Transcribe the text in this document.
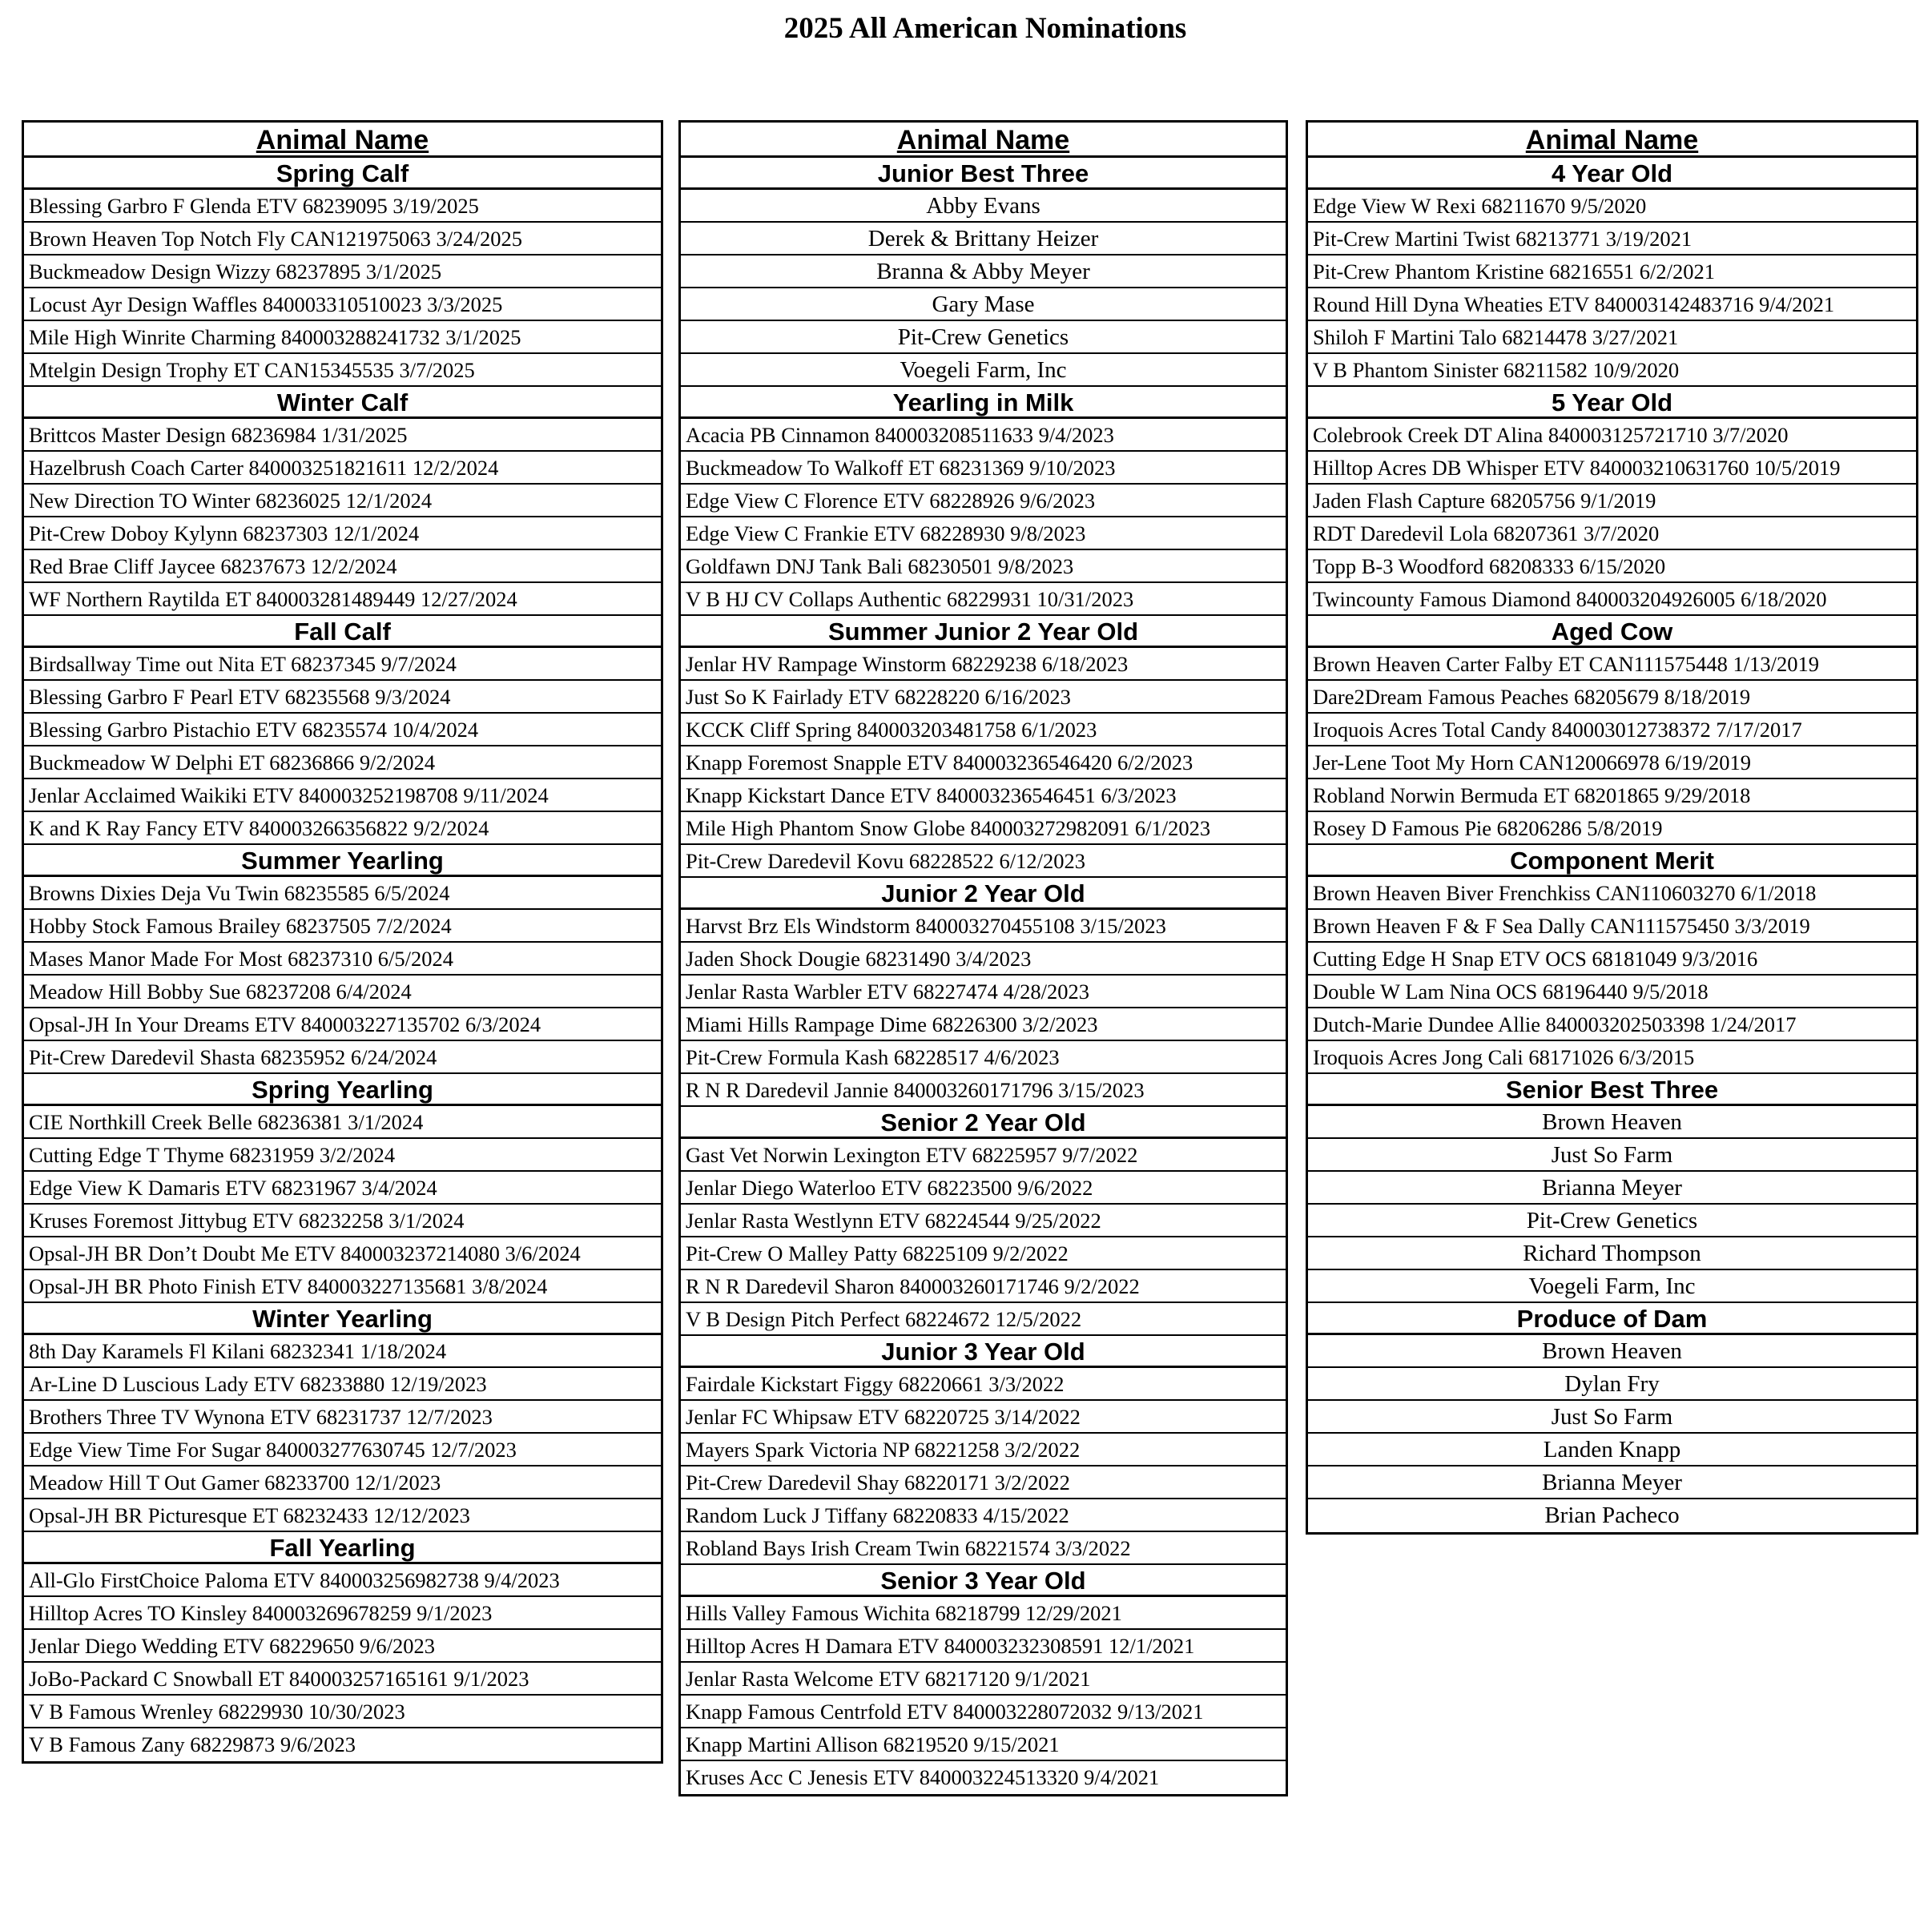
2025 All American Nominations
Animal Name
Spring Calf
Blessing Garbro F Glenda ETV 68239095 3/19/2025
Brown Heaven Top Notch Fly CAN121975063 3/24/2025
Buckmeadow Design Wizzy 68237895 3/1/2025
Locust Ayr Design Waffles 840003310510023 3/3/2025
Mile High Winrite Charming 840003288241732 3/1/2025
Mtelgin Design Trophy ET CAN15345535 3/7/2025
Winter Calf
Brittcos Master Design 68236984 1/31/2025
Hazelbrush Coach Carter 840003251821611 12/2/2024
New Direction TO Winter 68236025 12/1/2024
Pit-Crew Doboy Kylynn 68237303 12/1/2024
Red Brae Cliff Jaycee 68237673 12/2/2024
WF Northern Raytilda ET 840003281489449 12/27/2024
Fall Calf
Birdsallway Time out Nita ET 68237345 9/7/2024
Blessing Garbro F Pearl ETV 68235568 9/3/2024
Blessing Garbro Pistachio ETV 68235574 10/4/2024
Buckmeadow W Delphi ET 68236866 9/2/2024
Jenlar Acclaimed Waikiki ETV 840003252198708 9/11/2024
K and K Ray Fancy ETV 840003266356822 9/2/2024
Summer Yearling
Browns Dixies Deja Vu Twin 68235585 6/5/2024
Hobby Stock Famous Brailey 68237505 7/2/2024
Mases Manor Made For Most 68237310 6/5/2024
Meadow Hill Bobby Sue 68237208 6/4/2024
Opsal-JH In Your Dreams ETV 840003227135702 6/3/2024
Pit-Crew Daredevil Shasta 68235952 6/24/2024
Spring Yearling
CIE Northkill Creek Belle 68236381 3/1/2024
Cutting Edge T Thyme 68231959 3/2/2024
Edge View K Damaris ETV 68231967 3/4/2024
Kruses Foremost Jittybug ETV 68232258 3/1/2024
Opsal-JH BR Don’t Doubt Me ETV 840003237214080 3/6/2024
Opsal-JH BR Photo Finish ETV 840003227135681 3/8/2024
Winter Yearling
8th Day Karamels Fl Kilani 68232341 1/18/2024
Ar-Line D Luscious Lady ETV 68233880 12/19/2023
Brothers Three TV Wynona ETV 68231737 12/7/2023
Edge View Time For Sugar 840003277630745 12/7/2023
Meadow Hill T Out Gamer 68233700 12/1/2023
Opsal-JH BR Picturesque ET 68232433 12/12/2023
Fall Yearling
All-Glo FirstChoice Paloma ETV 840003256982738 9/4/2023
Hilltop Acres TO Kinsley 840003269678259 9/1/2023
Jenlar Diego Wedding ETV 68229650 9/6/2023
JoBo-Packard C Snowball ET 840003257165161 9/1/2023
V B Famous Wrenley 68229930 10/30/2023
V B Famous Zany 68229873 9/6/2023
Animal Name
Junior Best Three
Abby Evans
Derek & Brittany Heizer
Branna & Abby Meyer
Gary Mase
Pit-Crew Genetics
Voegeli Farm, Inc
Yearling in Milk
Acacia PB Cinnamon 840003208511633 9/4/2023
Buckmeadow To Walkoff ET 68231369 9/10/2023
Edge View C Florence ETV 68228926 9/6/2023
Edge View C Frankie ETV 68228930 9/8/2023
Goldfawn DNJ Tank Bali 68230501 9/8/2023
V B HJ CV Collaps Authentic 68229931 10/31/2023
Summer Junior 2 Year Old
Jenlar HV Rampage Winstorm 68229238 6/18/2023
Just So K Fairlady ETV 68228220 6/16/2023
KCCK Cliff Spring 840003203481758 6/1/2023
Knapp Foremost Snapple ETV 840003236546420 6/2/2023
Knapp Kickstart Dance ETV 840003236546451 6/3/2023
Mile High Phantom Snow Globe 840003272982091 6/1/2023
Pit-Crew Daredevil Kovu 68228522 6/12/2023
Junior 2 Year Old
Harvst Brz Els Windstorm 840003270455108 3/15/2023
Jaden Shock Dougie 68231490 3/4/2023
Jenlar Rasta Warbler ETV 68227474 4/28/2023
Miami Hills Rampage Dime 68226300 3/2/2023
Pit-Crew Formula Kash 68228517 4/6/2023
R N R Daredevil Jannie 840003260171796 3/15/2023
Senior 2 Year Old
Gast Vet Norwin Lexington ETV 68225957 9/7/2022
Jenlar Diego Waterloo ETV 68223500 9/6/2022
Jenlar Rasta Westlynn ETV 68224544 9/25/2022
Pit-Crew O Malley Patty 68225109 9/2/2022
R N R Daredevil Sharon 840003260171746 9/2/2022
V B Design Pitch Perfect 68224672 12/5/2022
Junior 3 Year Old
Fairdale Kickstart Figgy 68220661 3/3/2022
Jenlar FC Whipsaw ETV 68220725 3/14/2022
Mayers Spark Victoria NP 68221258 3/2/2022
Pit-Crew Daredevil Shay 68220171 3/2/2022
Random Luck J Tiffany 68220833 4/15/2022
Robland Bays Irish Cream Twin 68221574 3/3/2022
Senior 3 Year Old
Hills Valley Famous Wichita 68218799 12/29/2021
Hilltop Acres H Damara ETV 840003232308591 12/1/2021
Jenlar Rasta Welcome ETV 68217120 9/1/2021
Knapp Famous Centrfold ETV 840003228072032 9/13/2021
Knapp Martini Allison 68219520 9/15/2021
Kruses Acc C Jenesis ETV 840003224513320 9/4/2021
Animal Name
4 Year Old
Edge View W Rexi 68211670 9/5/2020
Pit-Crew Martini Twist 68213771 3/19/2021
Pit-Crew Phantom Kristine 68216551 6/2/2021
Round Hill Dyna Wheaties ETV 840003142483716 9/4/2021
Shiloh F Martini Talo 68214478 3/27/2021
V B Phantom Sinister 68211582 10/9/2020
5 Year Old
Colebrook Creek DT Alina 840003125721710 3/7/2020
Hilltop Acres DB Whisper ETV 840003210631760 10/5/2019
Jaden Flash Capture 68205756 9/1/2019
RDT Daredevil Lola 68207361 3/7/2020
Topp B-3 Woodford 68208333 6/15/2020
Twincounty Famous Diamond 840003204926005 6/18/2020
Aged Cow
Brown Heaven Carter Falby ET CAN111575448 1/13/2019
Dare2Dream Famous Peaches 68205679 8/18/2019
Iroquois Acres Total Candy 840003012738372 7/17/2017
Jer-Lene Toot My Horn CAN120066978 6/19/2019
Robland Norwin Bermuda ET 68201865 9/29/2018
Rosey D Famous Pie 68206286 5/8/2019
Component Merit
Brown Heaven Biver Frenchkiss CAN110603270 6/1/2018
Brown Heaven F & F Sea Dally CAN111575450 3/3/2019
Cutting Edge H Snap ETV OCS 68181049 9/3/2016
Double W Lam Nina OCS 68196440 9/5/2018
Dutch-Marie Dundee Allie 840003202503398 1/24/2017
Iroquois Acres Jong Cali 68171026 6/3/2015
Senior Best Three
Brown Heaven
Just So Farm
Brianna Meyer
Pit-Crew Genetics
Richard Thompson
Voegeli Farm, Inc
Produce of Dam
Brown Heaven
Dylan Fry
Just So Farm
Landen Knapp
Brianna Meyer
Brian Pacheco
